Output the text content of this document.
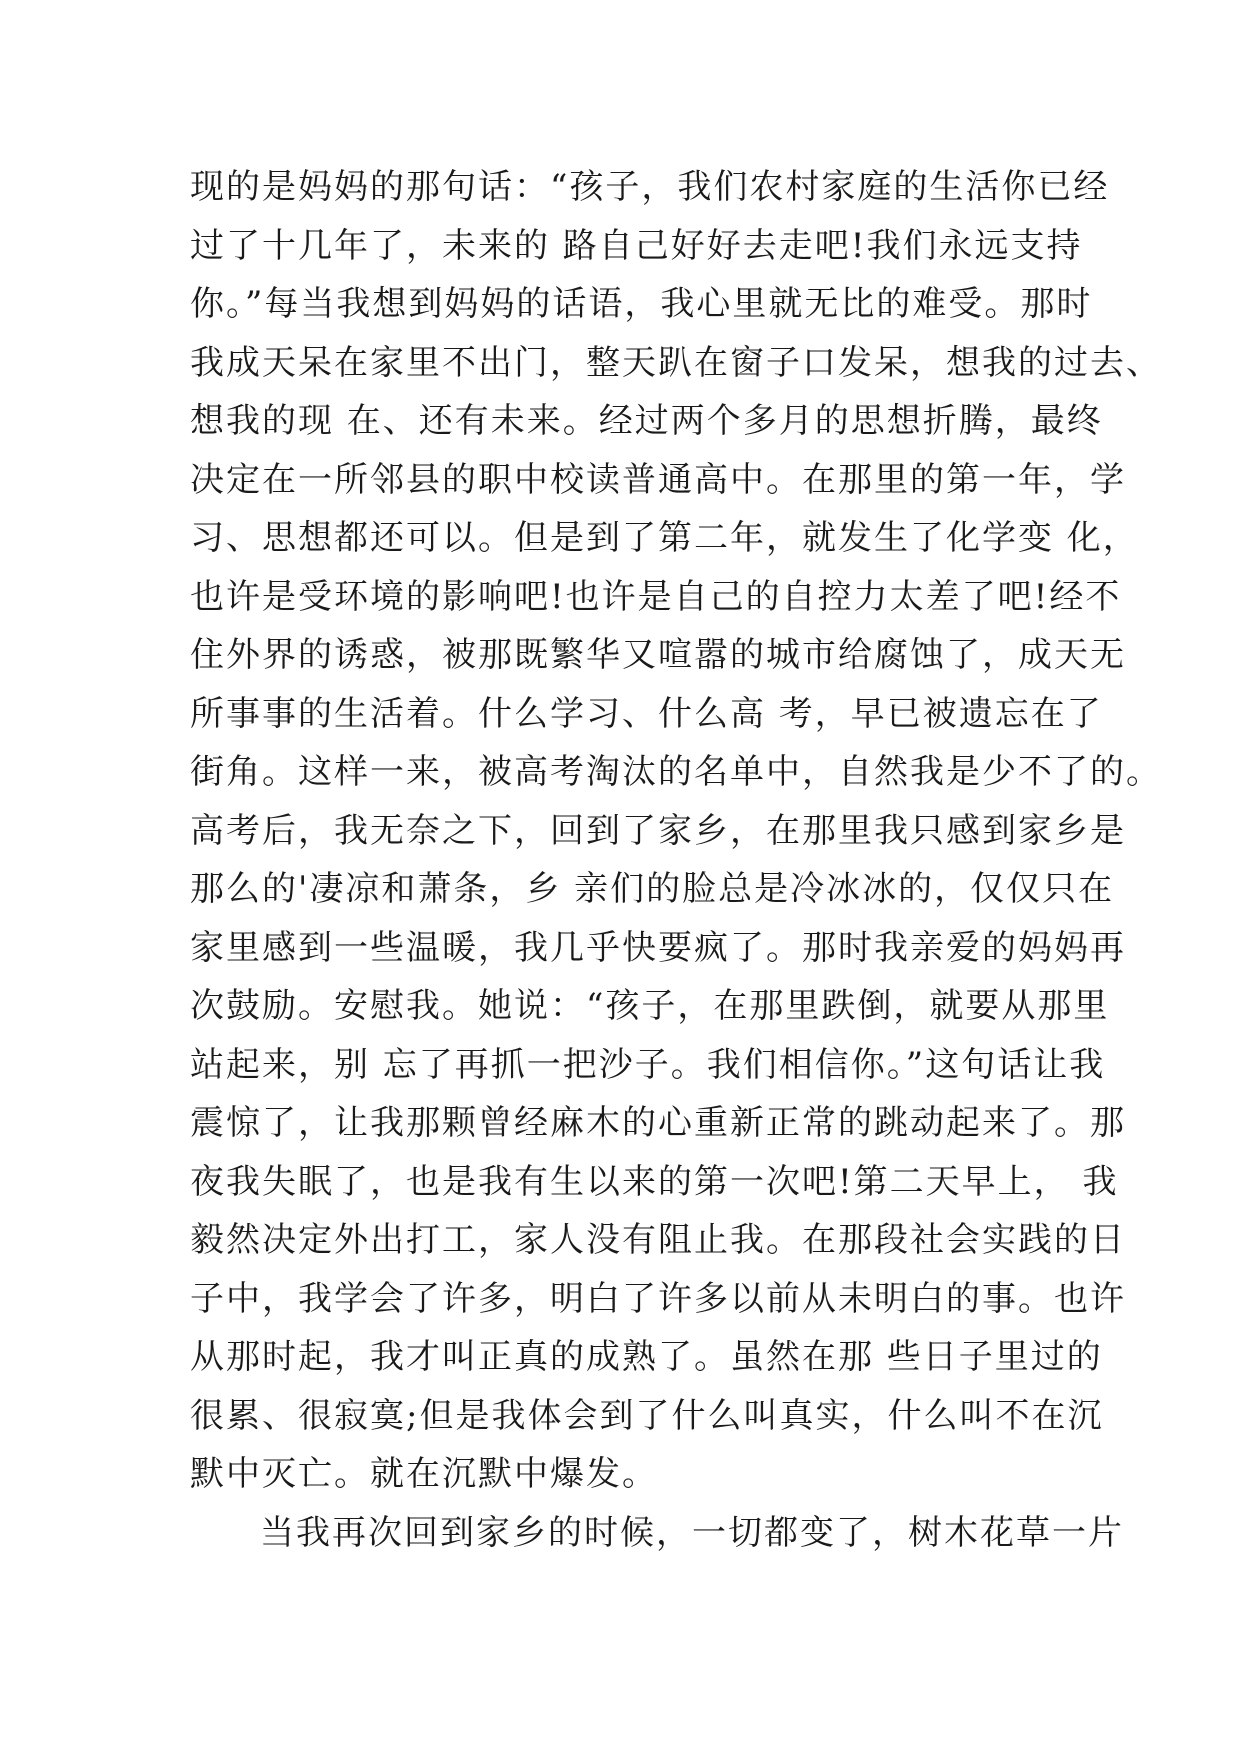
现的是妈妈的那句话：“孩子，我们农村家庭的生活你已经
过了十几年了，未来的 路自己好好去走吧!我们永远支持
你。”每当我想到妈妈的话语，我心里就无比的难受。那时
我成天呆在家里不出门，整天趴在窗子口发呆，想我的过去、
想我的现 在、还有未来。经过两个多月的思想折腾，最终
决定在一所邻县的职中校读普通高中。在那里的第一年，学
习、思想都还可以。但是到了第二年，就发生了化学变 化，
也许是受环境的影响吧!也许是自己的自控力太差了吧!经不
住外界的诱惑，被那既繁华又喧嚣的城市给腐蚀了，成天无
所事事的生活着。什么学习、什么高 考，早已被遗忘在了
街角。这样一来，被高考淘汰的名单中，自然我是少不了的。
高考后，我无奈之下，回到了家乡，在那里我只感到家乡是
那么的'凄凉和萧条，乡 亲们的脸总是冷冰冰的，仅仅只在
家里感到一些温暖，我几乎快要疯了。那时我亲爱的妈妈再
次鼓励。安慰我。她说：“孩子，在那里跌倒，就要从那里
站起来，别 忘了再抓一把沙子。我们相信你。”这句话让我
震惊了，让我那颗曾经麻木的心重新正常的跳动起来了。那
夜我失眠了，也是我有生以来的第一次吧!第二天早上， 我
毅然决定外出打工，家人没有阻止我。在那段社会实践的日
子中，我学会了许多，明白了许多以前从未明白的事。也许
从那时起，我才叫正真的成熟了。虽然在那 些日子里过的
很累、很寂寞;但是我体会到了什么叫真实，什么叫不在沉
默中灭亡。就在沉默中爆发。
当我再次回到家乡的时候，一切都变了，树木花草一片
